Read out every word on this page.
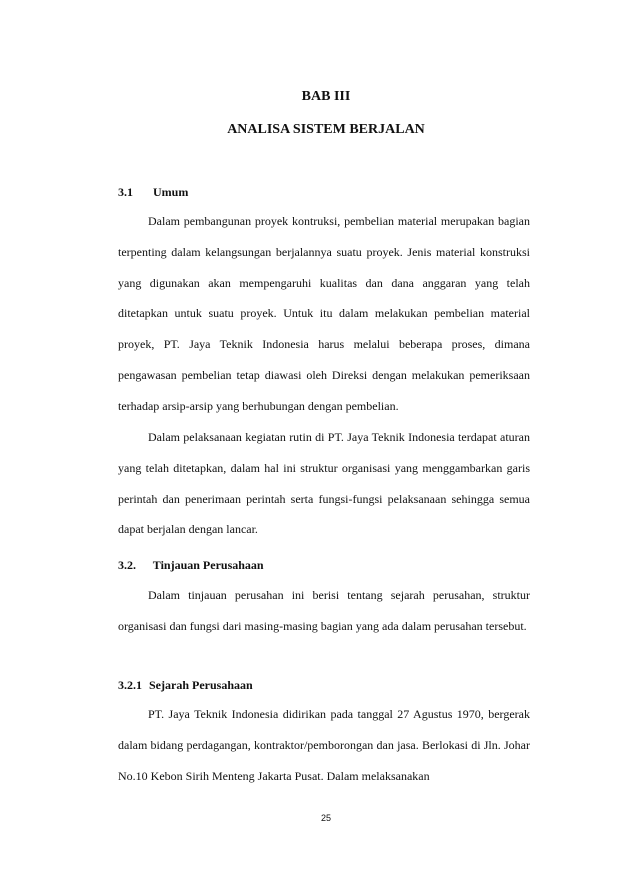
BAB III
ANALISA SISTEM BERJALAN
3.1 Umum

Dalam pembangunan proyek kontruksi, pembelian material merupakan bagian terpenting dalam kelangsungan berjalannya suatu proyek. Jenis material konstruksi yang digunakan akan mempengaruhi kualitas dan dana anggaran yang telah ditetapkan untuk suatu proyek. Untuk itu dalam melakukan pembelian material proyek, PT. Jaya Teknik Indonesia harus melalui beberapa proses, dimana pengawasan pembelian tetap diawasi oleh Direksi dengan melakukan pemeriksaan terhadap arsip-arsip yang berhubungan dengan pembelian.

Dalam pelaksanaan kegiatan rutin di PT. Jaya Teknik Indonesia terdapat aturan yang telah ditetapkan, dalam hal ini struktur organisasi yang menggambarkan garis perintah dan penerimaan perintah serta fungsi-fungsi pelaksanaan sehingga semua dapat berjalan dengan lancar.

3.2. Tinjauan Perusahaan

Dalam tinjauan perusahan ini berisi tentang sejarah perusahan, struktur organisasi dan fungsi dari masing-masing bagian yang ada dalam perusahan tersebut.

3.2.1 Sejarah Perusahaan

PT. Jaya Teknik Indonesia didirikan pada tanggal 27 Agustus 1970, bergerak dalam bidang perdagangan, kontraktor/pemborongan dan jasa. Berlokasi di Jln. Johar No.10 Kebon Sirih Menteng Jakarta Pusat. Dalam melaksanakan

25
